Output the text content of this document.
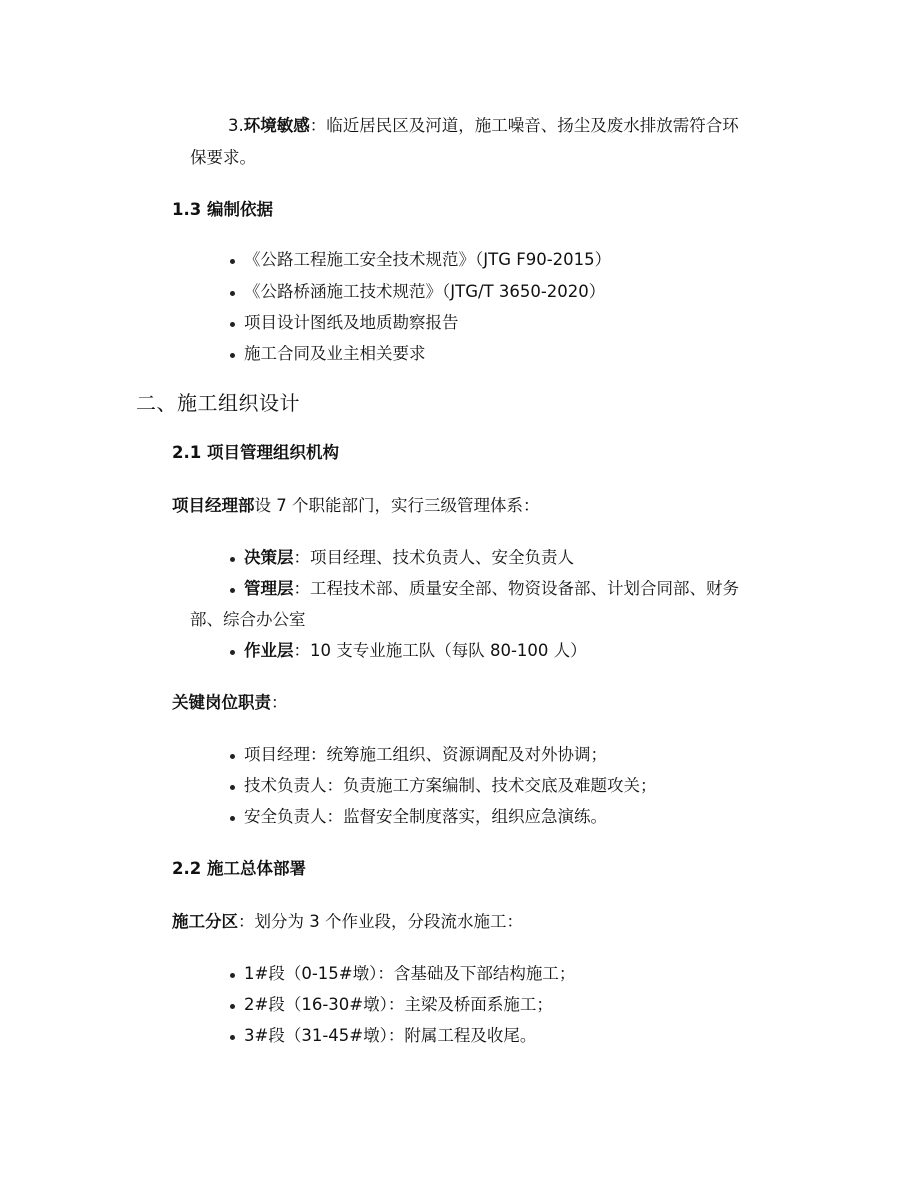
3.环境敏感：临近居民区及河道，施工噪音、扬尘及废水排放需符合环
保要求。
1.3 编制依据
《公路工程施工安全技术规范》（JTG F90-2015）
《公路桥涵施工技术规范》（JTG/T 3650-2020）
项目设计图纸及地质勘察报告
施工合同及业主相关要求
二、施工组织设计
2.1 项目管理组织机构
项目经理部设 7 个职能部门，实行三级管理体系：
决策层：项目经理、技术负责人、安全负责人
管理层：工程技术部、质量安全部、物资设备部、计划合同部、财务
部、综合办公室
作业层：10 支专业施工队（每队 80-100 人）
关键岗位职责：
项目经理：统筹施工组织、资源调配及对外协调；
技术负责人：负责施工方案编制、技术交底及难题攻关；
安全负责人：监督安全制度落实，组织应急演练。
2.2 施工总体部署
施工分区：划分为 3 个作业段，分段流水施工：
1#段（0-15#墩）：含基础及下部结构施工；
2#段（16-30#墩）：主梁及桥面系施工；
3#段（31-45#墩）：附属工程及收尾。
